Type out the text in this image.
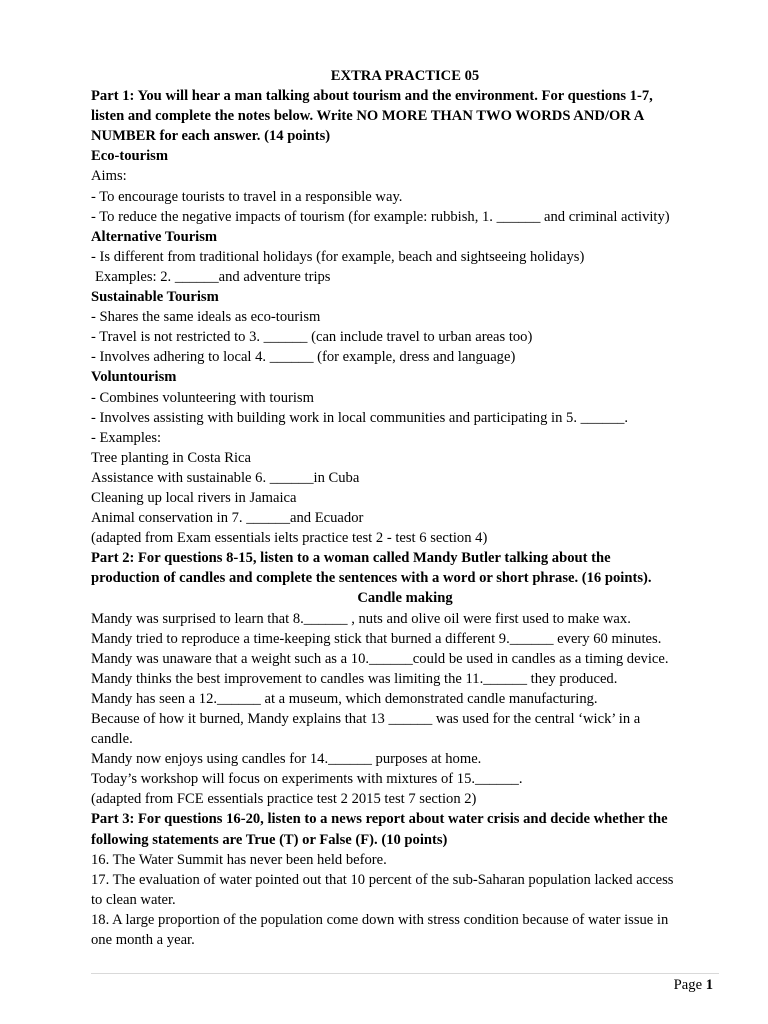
EXTRA PRACTICE 05
Part 1: You will hear a man talking about tourism and the environment. For questions 1-7,
listen and complete the notes below. Write NO MORE THAN TWO WORDS AND/OR A
NUMBER for each answer. (14 points)
Eco-tourism
Aims:
- To encourage tourists to travel in a responsible way.
- To reduce the negative impacts of tourism (for example: rubbish, 1. ______ and criminal activity)
Alternative Tourism
- Is different from traditional holidays (for example, beach and sightseeing holidays)
Examples: 2. ______and adventure trips
Sustainable Tourism
- Shares the same ideals as eco-tourism
- Travel is not restricted to 3. ______ (can include travel to urban areas too)
- Involves adhering to local 4. ______ (for example, dress and language)
Voluntourism
- Combines volunteering with tourism
- Involves assisting with building work in local communities and participating in 5. ______.
- Examples:
Tree planting in Costa Rica
Assistance with sustainable 6. ______in Cuba
Cleaning up local rivers in Jamaica
Animal conservation in 7. ______and Ecuador
(adapted from Exam essentials ielts practice test 2 - test 6 section 4)
Part 2: For questions 8-15, listen to a woman called Mandy Butler talking about the
production of candles and complete the sentences with a word or short phrase. (16 points).
Candle making
Mandy was surprised to learn that 8.______ , nuts and olive oil were first used to make wax.
Mandy tried to reproduce a time-keeping stick that burned a different 9.______ every 60 minutes.
Mandy was unaware that a weight such as a 10.______could be used in candles as a timing device.
Mandy thinks the best improvement to candles was limiting the 11.______ they produced.
Mandy has seen a 12.______ at a museum, which demonstrated candle manufacturing.
Because of how it burned, Mandy explains that 13 ______ was used for the central ‘wick’ in a
candle.
Mandy now enjoys using candles for 14.______ purposes at home.
Today’s workshop will focus on experiments with mixtures of 15.______.
(adapted from FCE essentials practice test 2 2015 test 7 section 2)
Part 3: For questions 16-20, listen to a news report about water crisis and decide whether the
following statements are True (T) or False (F). (10 points)
16. The Water Summit has never been held before.
17. The evaluation of water pointed out that 10 percent of the sub-Saharan population lacked access
to clean water.
18. A large proportion of the population come down with stress condition because of water issue in
one month a year.
Page 1
